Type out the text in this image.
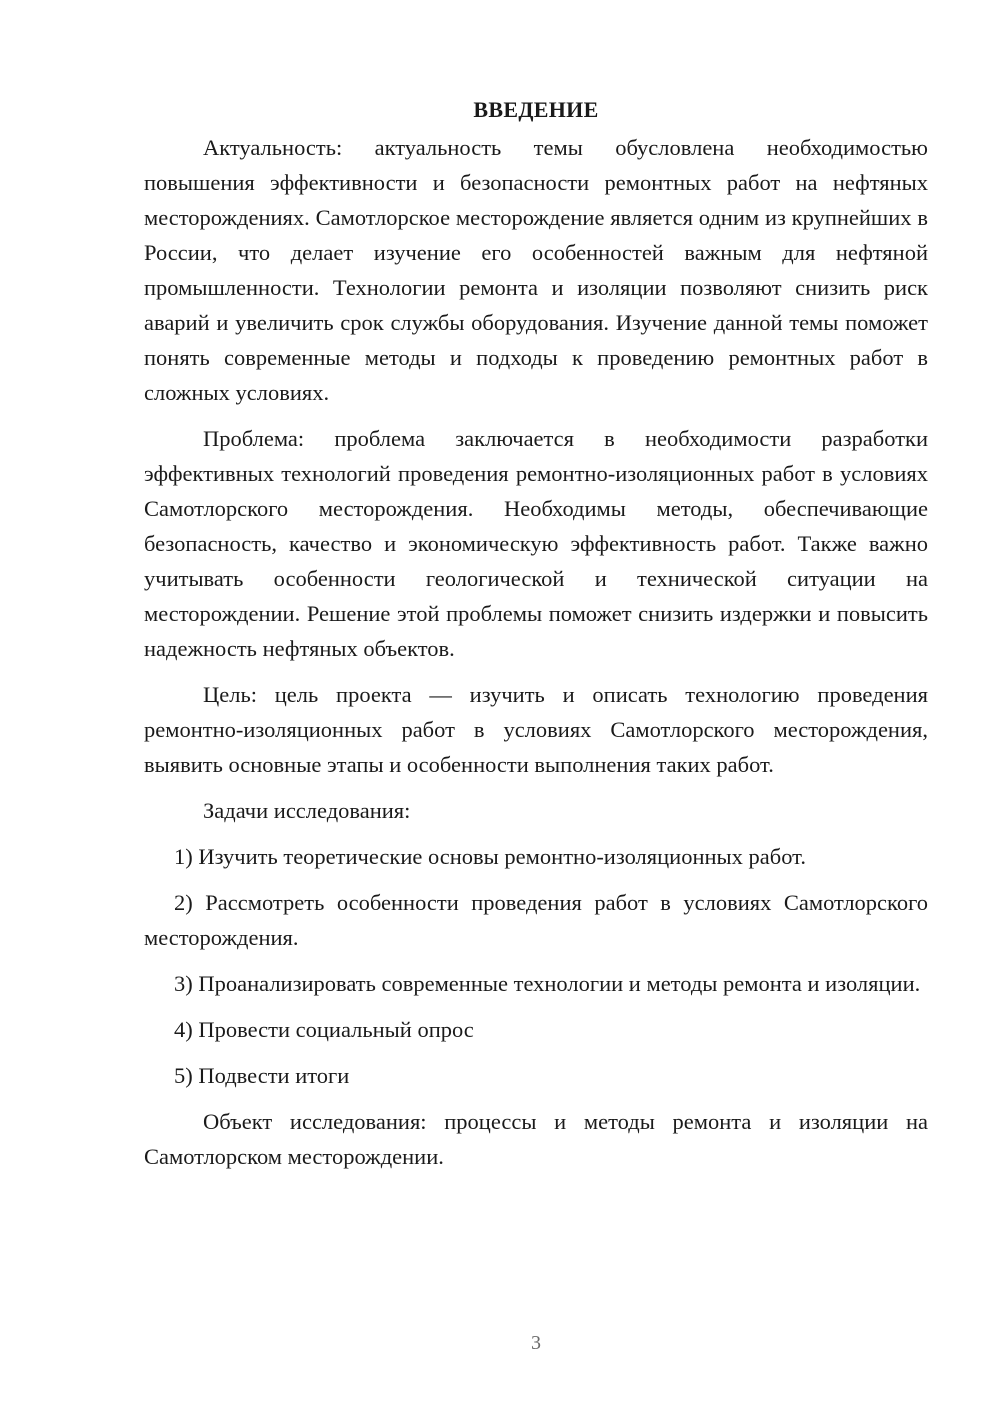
ВВЕДЕНИЕ

Актуальность: актуальность темы обусловлена необходимостью повышения эффективности и безопасности ремонтных работ на нефтяных месторождениях. Самотлорское месторождение является одним из крупнейших в России, что делает изучение его особенностей важным для нефтяной промышленности. Технологии ремонта и изоляции позволяют снизить риск аварий и увеличить срок службы оборудования. Изучение данной темы поможет понять современные методы и подходы к проведению ремонтных работ в сложных условиях.

Проблема: проблема заключается в необходимости разработки эффективных технологий проведения ремонтно-изоляционных работ в условиях Самотлорского месторождения. Необходимы методы, обеспечивающие безопасность, качество и экономическую эффективность работ. Также важно учитывать особенности геологической и технической ситуации на месторождении. Решение этой проблемы поможет снизить издержки и повысить надежность нефтяных объектов.

Цель: цель проекта — изучить и описать технологию проведения ремонтно-изоляционных работ в условиях Самотлорского месторождения, выявить основные этапы и особенности выполнения таких работ.

Задачи исследования:

1) Изучить теоретические основы ремонтно-изоляционных работ.

2) Рассмотреть особенности проведения работ в условиях Самотлорского месторождения.

3) Проанализировать современные технологии и методы ремонта и изоляции.

4) Провести социальный опрос

5) Подвести итоги

Объект исследования: процессы и методы ремонта и изоляции на Самотлорском месторождении.

3
